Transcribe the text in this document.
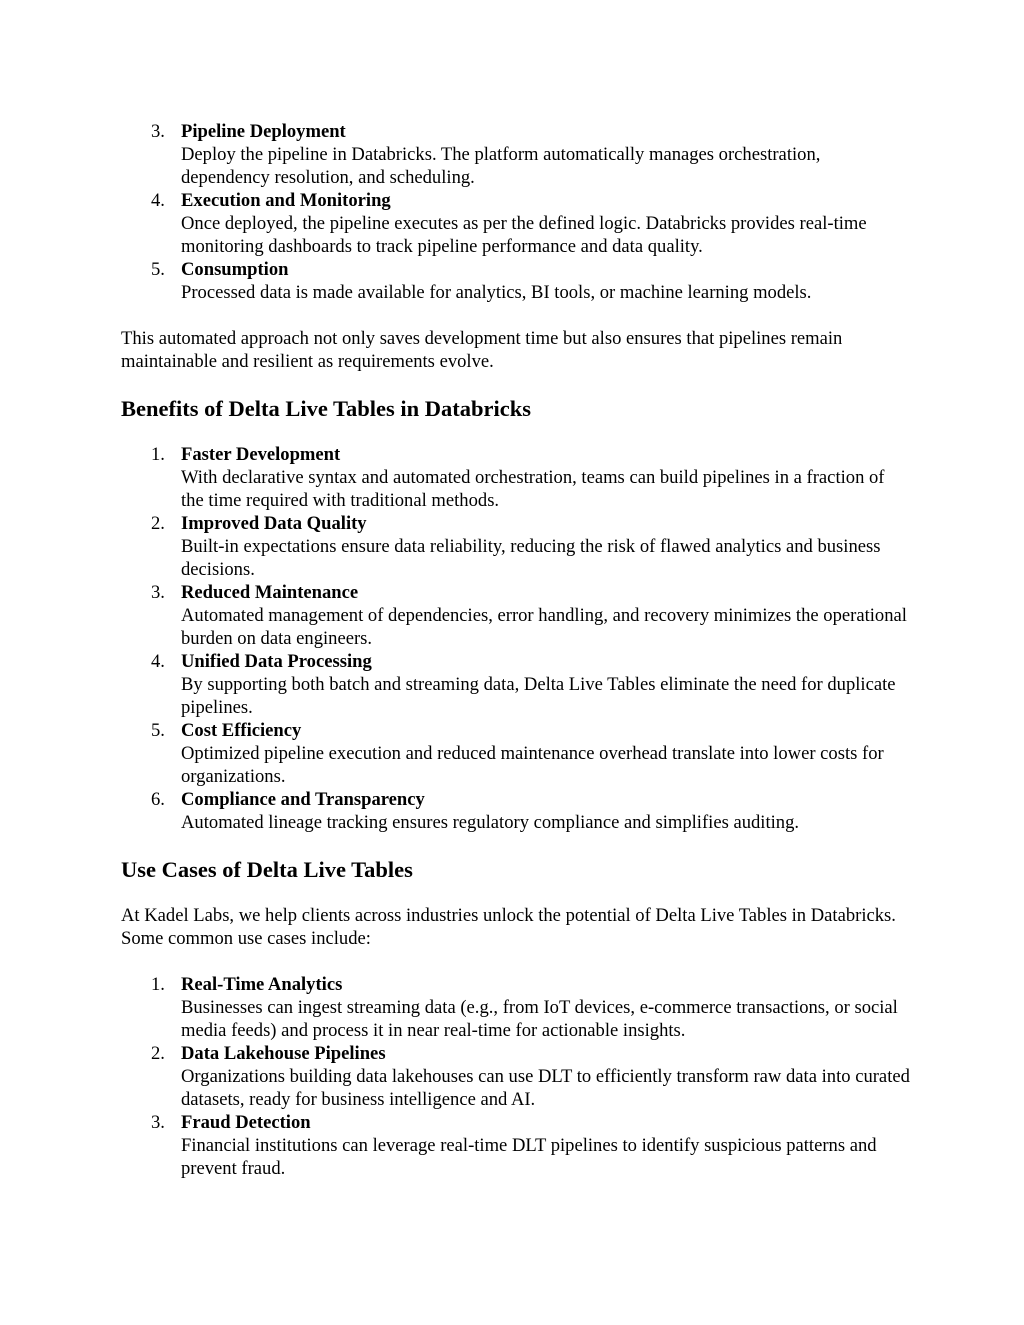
3. Pipeline Deployment
Deploy the pipeline in Databricks. The platform automatically manages orchestration, dependency resolution, and scheduling.
4. Execution and Monitoring
Once deployed, the pipeline executes as per the defined logic. Databricks provides real-time monitoring dashboards to track pipeline performance and data quality.
5. Consumption
Processed data is made available for analytics, BI tools, or machine learning models.

This automated approach not only saves development time but also ensures that pipelines remain maintainable and resilient as requirements evolve.

Benefits of Delta Live Tables in Databricks
1. Faster Development
With declarative syntax and automated orchestration, teams can build pipelines in a fraction of the time required with traditional methods.
2. Improved Data Quality
Built-in expectations ensure data reliability, reducing the risk of flawed analytics and business decisions.
3. Reduced Maintenance
Automated management of dependencies, error handling, and recovery minimizes the operational burden on data engineers.
4. Unified Data Processing
By supporting both batch and streaming data, Delta Live Tables eliminate the need for duplicate pipelines.
5. Cost Efficiency
Optimized pipeline execution and reduced maintenance overhead translate into lower costs for organizations.
6. Compliance and Transparency
Automated lineage tracking ensures regulatory compliance and simplifies auditing.
Use Cases of Delta Live Tables

At Kadel Labs, we help clients across industries unlock the potential of Delta Live Tables in Databricks. Some common use cases include:

1. Real-Time Analytics
Businesses can ingest streaming data (e.g., from IoT devices, e-commerce transactions, or social media feeds) and process it in near real-time for actionable insights.
2. Data Lakehouse Pipelines
Organizations building data lakehouses can use DLT to efficiently transform raw data into curated datasets, ready for business intelligence and AI.
3. Fraud Detection
Financial institutions can leverage real-time DLT pipelines to identify suspicious patterns and prevent fraud.
